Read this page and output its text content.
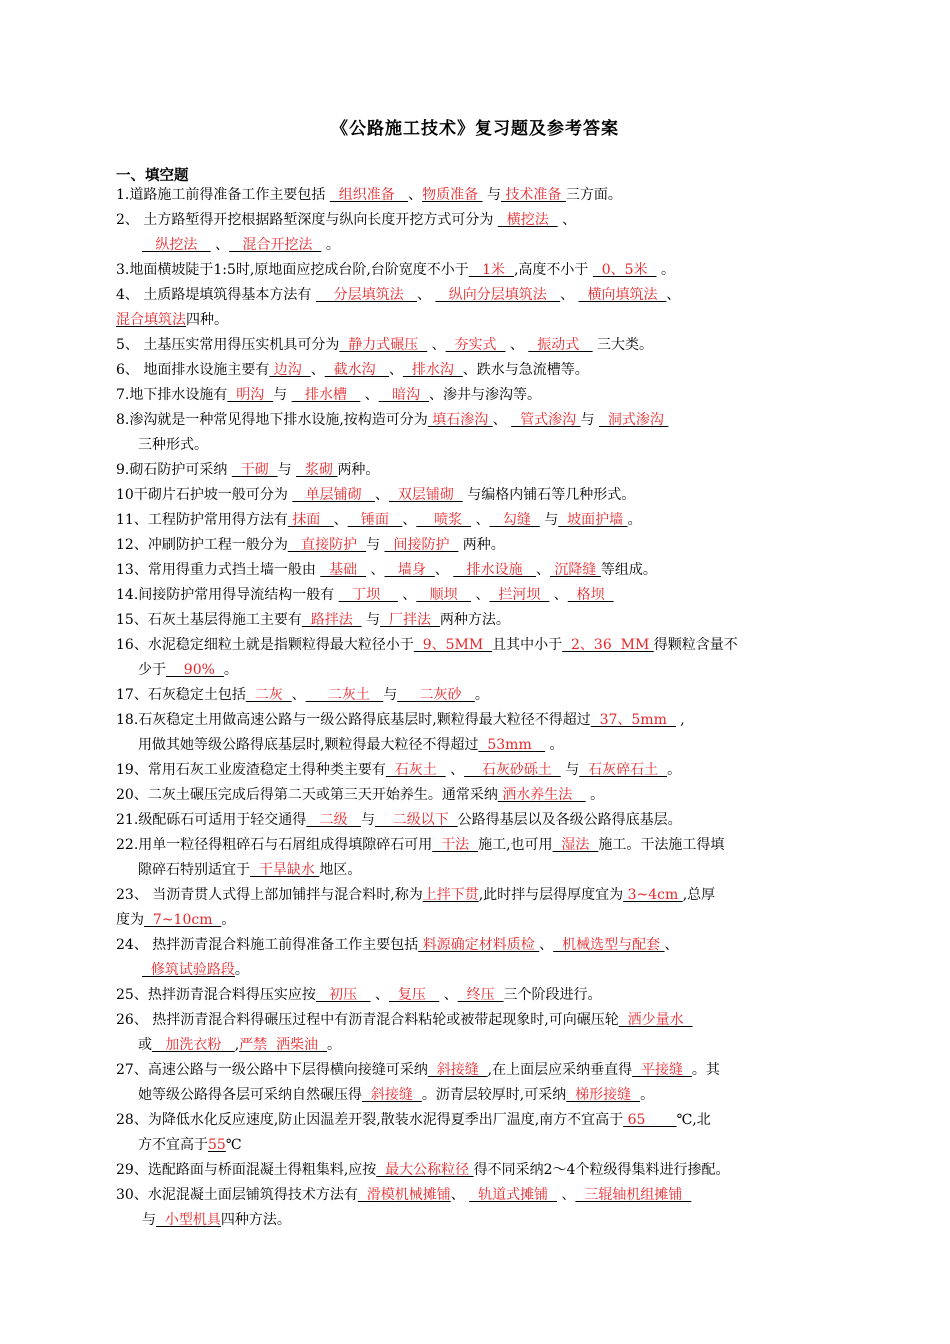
《公路施工技术》复习题及参考答案
一、填空题
1.道路施工前得准备工作主要包括   组织准备   、物质准备  与 技术准备 三方面。
2、 土方路堑得开挖根据路堑深度与纵向长度开挖方式可分为   横挖法   、
纵挖法    、   混合开挖法   。
3.地面横坡陡于1:5时,原地面应挖成台阶,台阶宽度不小于   1米  ,高度不小于   0、5米   。
4、 土质路堤填筑得基本方法有     分层填筑法   、    纵向分层填筑法   、   横向填筑法  、
混合填筑法四种。
5、 土基压实常用得压实机具可分为  静力式碾压   、  夯实式   、   振动式    三大类。
6、 地面排水设施主要有 边沟  、  截水沟   、  排水沟  、跌水与急流槽等。
7.地下排水设施有  明沟  与    排水槽    、   暗沟  、渗井与渗沟等。
8.渗沟就是一种常见得地下排水设施,按构造可分为 填石渗沟 、   管式渗沟 与   洞式渗沟
三种形式。
9.砌石防护可采纳   干砌  与   浆砌 两种。
10干砌片石护坡一般可分为    单层铺砌   、  双层铺砌   与编格内铺石等几种形式。
11、工程防护常用得方法有 抹面   、   锤面   、    喷浆   、   勾缝   与  坡面护墙 。
12、冲刷防护工程一般分为   直接防护  与   间接防护   两种。
13、常用得重力式挡土墙一般由   基础   、   墙身  、    排水设施   、 沉降缝 等组成。
14.间接防护常用得导流结构一般有    丁坝     、   顺坝    、  拦河坝   、  格坝
15、石灰土基层得施工主要有  路拌法   与  厂拌法  两种方法。
16、水泥稳定细粒土就是指颗粒得最大粒径小于  9、5MM  且其中小于  2、36  MM 得颗粒含量不
少于    90%  。
17、石灰稳定土包括  二灰  、     二灰土   与     二灰砂   。
18.石灰稳定土用做高速公路与一级公路得底基层时,颗粒得最大粒径不得超过  37、5mm   ,
用做其她等级公路得底基层时,颗粒得最大粒径不得超过  53mm    。
19、常用石灰工业废渣稳定土得种类主要有  石灰土   、    石灰砂砾土   与  石灰碎石土  。
20、二灰土碾压完成后得第二天或第三天开始养生。通常采纳 洒水养生法    。
21.级配砾石可适用于轻交通得   二级   与    二级以下  公路得基层以及各级公路得底基层。
22.用单一粒径得粗碎石与石屑组成得填隙碎石可用  干法  施工,也可用  湿法  施工。干法施工得填
隙碎石特别适宜于  干旱缺水 地区。
23、 当沥青贯人式得上部加铺拌与混合料时,称为上拌下贯,此时拌与层得厚度宜为 3~4cm ,总厚
度为  7~10cm  。
24、 热拌沥青混合料施工前得准备工作主要包括 料源确定材料质检 、  机械选型与配套 、
修筑试验路段。
25、热拌沥青混合料得压实应按   初压    、  复压    、  终压  三个阶段进行。
26、 热拌沥青混合料得碾压过程中有沥青混合料粘轮或被带起现象时,可向碾压轮  洒少量水
或   加洗衣粉   ,严禁  洒柴油  。
27、高速公路与一级公路中下层得横向接缝可采纳  斜接缝  ,在上面层应采纳垂直得  平接缝  。其
她等级公路得各层可采纳自然碾压得  斜接缝  。沥青层较厚时,可采纳  梯形接缝  。
28、为降低水化反应速度,防止因温差开裂,散装水泥得夏季出厂温度,南方不宜高于 65       ℃,北
方不宜高于55℃
29、选配路面与桥面混凝土得粗集料,应按  最大公称粒径 得不同采纳2～4个粒级得集料进行掺配。
30、水泥混凝土面层铺筑得技术方法有  滑模机械摊铺、   轨道式摊铺   、  三辊轴机组摊铺
与  小型机具四种方法。
